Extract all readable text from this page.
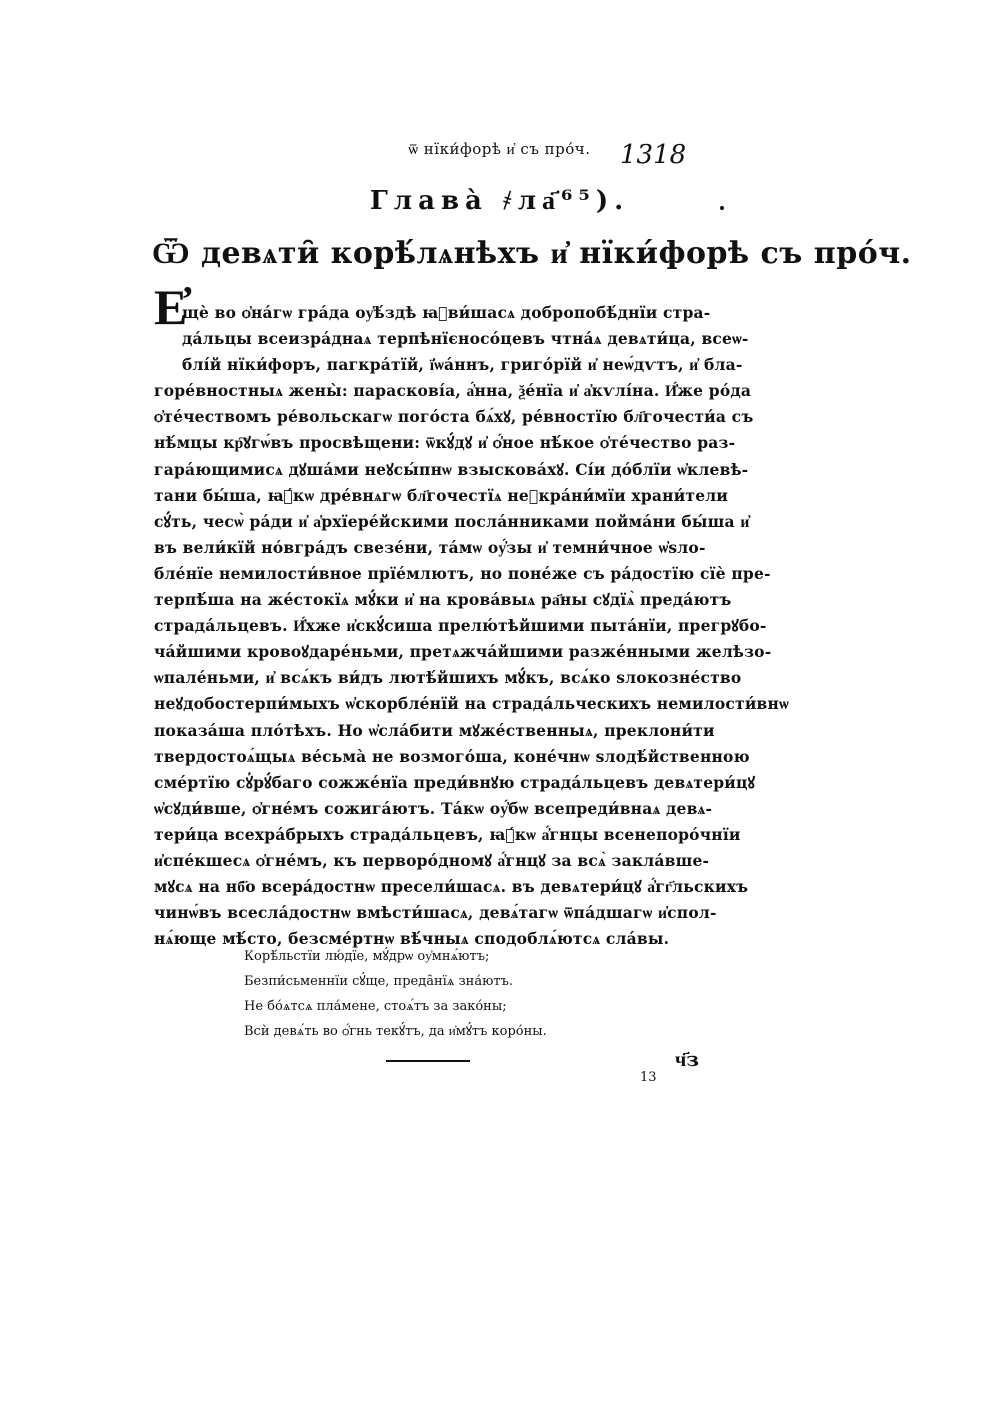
ѿ нїки́форѣ и҆ съ про́ч.	1318
Глава̀ ҂ла҃⁶⁵).
Ѿ девѧти̑ корѣ́лѧнѣхъ и҆ нїки́форѣ съ про́ч.
Е҆
щѐ во ѻ҆на́гѡ гра́да оу҆ѣ́здѣ ꙗ҆ви́шасѧ добропобѣ́днїи стра-
да́льцы всеизра́днаѧ терпѣнїєносо́цевъ чтна́ѧ девѧти́ца, всеѡ-
блі́й нїки́форъ, пагкра́тїй, ї҆ѡа́ннъ, григо́рїй и҆ неѡ́дѵтъ, и҆ бла-
горе́вностныѧ жены̀: параскові́а, а҆́нна, ѯе́нїа и҆ а҆кѵлі́на. И҆́же ро́да
ѻ҆те́чествомъ ре́вольскагѡ пого́ста бѧ́хꙋ, ре́вностїю бл҃гочести́а съ
нѣ́мцы кр҇ꙋгѡ́въ просвѣщени: ѿкꙋ́дꙋ и҆ ѻ҆́ное нѣ́кое ѻ҆те́чество раз-
гара́ющимисѧ дꙋша́ми неꙋсы́пнѡ взыскова́хꙋ. Сі́и до́блїи ѡ҆клевѣ-
тани бы́ша, ꙗ҆́кѡ дре́внѧгѡ бл҃гочестїѧ неꙋкра́ни́мїи храни́тели
сꙋ́ть, чесѡ̀ ра́ди и҆ а҆рхїере́йскими посла́нниками пойма́ни бы́ша и҆
въ вели́кїй но́вгра́дъ свезе́ни, та́мѡ оу҆́зы и҆ темни́чное ѡ҆ѕло-
бле́нїе немилости́вное прїе́млютъ, но поне́же съ ра́достїю сїѐ пре-
терпѣ́ша на же́стокїѧ мꙋ́ки и҆ на крова́выѧ ра҃ны сꙋдїѧ̀ преда́ютъ
страда́льцевъ. И҆́хже и҆скꙋ́сиша прелю́тѣйшими пыта́нїи, прегрꙋбо-
ча́йшими кровоꙋдаре́ньми, претѧжча́йшими разже́нными желѣзо-
ѡпале́ньми, и҆ всѧ́къ ви́дъ лютѣ́йшихъ мꙋ́къ, всѧ́ко ѕлокозне́ство
неꙋдобостерпи́мыхъ ѡ҆скорбле́нїй на страда́льческихъ немилости́внѡ
показа́ша пло́тѣхъ. Но ѡ҆сла́бити мꙋже́ственныѧ, преклони́ти
твердостоѧ́щыѧ ве́сьма̀ не возмого́ша, коне́чнѡ ѕлодѣ́йственною
сме́ртїю сꙋ҆рꙋ́баго сожже́нїа преди́внꙋю страда́льцевъ девѧтери́цꙋ
ѡ҆сꙋди́вше, ѻ҆гне́мъ сожига́ютъ. Та́кѡ оу҆́бѡ всепреди́внаѧ девѧ-
тери́ца всехра́брыхъ страда́льцевъ, ꙗ҆́кѡ а҆́гнцы всенепоро́чнїи
и҆спе́кшесѧ ѻ҆гне́мъ, къ перворо́дномꙋ а҆́гнцꙋ за всѧ̀ закла́вше-
мꙋсѧ на нб҃о всера́достнѡ пресели́шасѧ. въ девѧтери́цꙋ а҆́гг҃льскихъ
чинѡ́въ всесла́достнѡ вмѣсти́шасѧ, девѧ́тагѡ ѿпа́дшагѡ и҆спол-
нѧ́юще мѣ́сто, безсме́ртнѡ вѣ́чныѧ сподоблѧ́ютсѧ сла́вы.
Корѣ́льстїи лю́дїе, мꙋ́дрѡ оу҆мнѧ́ютъ;
Безпи́сьменнїи сꙋ́ще, преда̑нїѧ зна́ютъ.
Не бо́ѧтсѧ пла́мене, стоѧ́тъ за зако́ны;
Всѝ девѧ́ть во ѻ҆́гнь текꙋ́тъ, да и҆мꙋ́тъ коро́ны.
ч҃з
13
